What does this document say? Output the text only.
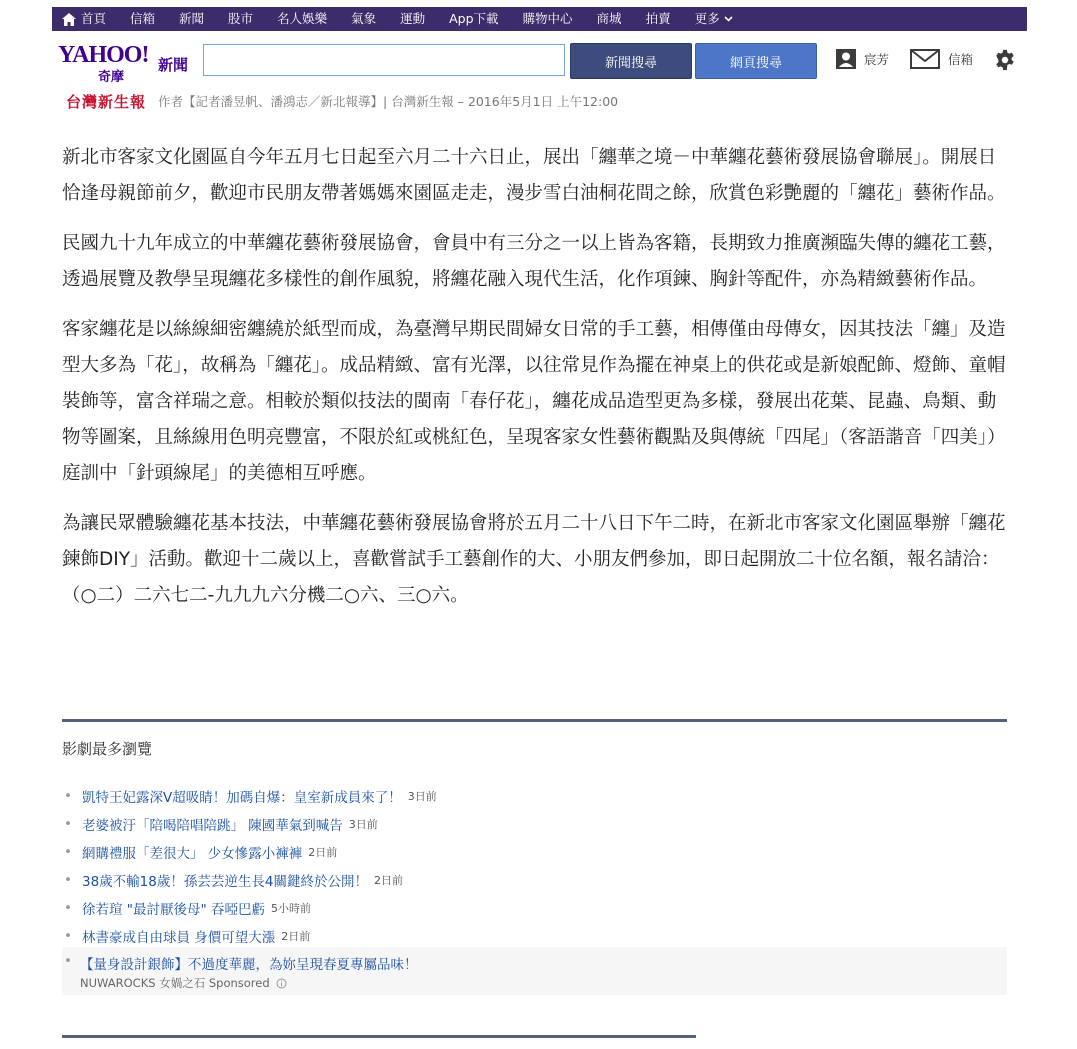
首頁 信箱 新聞 股市 名人娛樂 氣象 運動 App下載 購物中心 商城 拍賣 更多
YAHOO!
奇摩
新聞	新聞搜尋	網頁搜尋	宸芳	信箱
台灣新生報 作者【記者潘昱帆、潘鴻志／新北報導】| 台灣新生報 – 2016年5月1日 上午12:00

新北市客家文化園區自今年五月七日起至六月二十六日止，展出「纏華之境－中華纏花藝術發展協會聯展」。開展日恰逢母親節前夕，歡迎市民朋友帶著媽媽來園區走走，漫步雪白油桐花間之餘，欣賞色彩艷麗的「纏花」藝術作品。

民國九十九年成立的中華纏花藝術發展協會，會員中有三分之一以上皆為客籍，長期致力推廣瀕臨失傳的纏花工藝，透過展覽及教學呈現纏花多樣性的創作風貌，將纏花融入現代生活，化作項鍊、胸針等配件，亦為精緻藝術作品。

客家纏花是以絲線細密纏繞於紙型而成，為臺灣早期民間婦女日常的手工藝，相傳僅由母傳女，因其技法「纏」及造型大多為「花」，故稱為「纏花」。成品精緻、富有光澤，以往常見作為擺在神桌上的供花或是新娘配飾、燈飾、童帽裝飾等，富含祥瑞之意。相較於類似技法的閩南「春仔花」，纏花成品造型更為多樣，發展出花葉、昆蟲、鳥類、動物等圖案，且絲線用色明亮豐富，不限於紅或桃紅色，呈現客家女性藝術觀點及與傳統「四尾」（客語諧音「四美」）庭訓中「針頭線尾」的美德相互呼應。

為讓民眾體驗纏花基本技法，中華纏花藝術發展協會將於五月二十八日下午二時，在新北市客家文化園區舉辦「纏花鍊飾DIY」活動。歡迎十二歲以上，喜歡嘗試手工藝創作的大、小朋友們參加，即日起開放二十位名額，報名請洽：（○二）二六七二-九九九六分機二○六、三○六。

影劇最多瀏覽
• 凱特王妃露深V超吸睛！加碼自爆：皇室新成員來了！ 3日前
• 老婆被汙「陪喝陪唱陪跳」 陳國華氣到喊告 3日前
• 網購禮服「差很大」 少女慘露小褲褲 2日前
• 38歲不輸18歲！孫芸芸逆生長4關鍵終於公開！ 2日前
• 徐若瑄 "最討厭後母" 吞啞巴虧 5小時前
• 林書豪成自由球員 身價可望大漲 2日前
• 【量身設計銀飾】不過度華麗，為妳呈現春夏專屬品味！
NUWAROCKS 女媧之石 Sponsored
